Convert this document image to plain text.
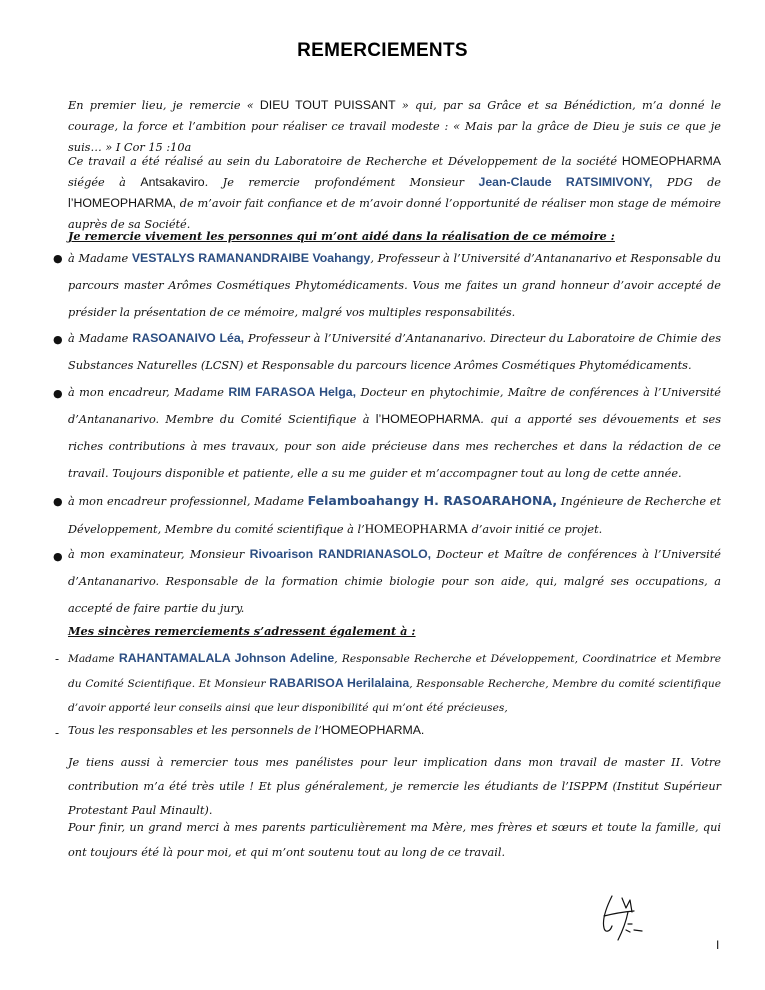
REMERCIEMENTS
En premier lieu, je remercie « DIEU TOUT PUISSANT » qui, par sa Grâce et sa Bénédiction, m’a donné le courage, la force et l’ambition pour réaliser ce travail modeste : « Mais par la grâce de Dieu je suis ce que je suis… » I Cor 15 :10a
Ce travail a été réalisé au sein du Laboratoire de Recherche et Développement de la société HOMEOPHARMA siégée à Antsakaviro. Je remercie profondément Monsieur Jean-Claude RATSIMIVONY, PDG de l’HOMEOPHARMA, de m’avoir fait confiance et de m’avoir donné l’opportunité de réaliser mon stage de mémoire auprès de sa Société.
Je remercie vivement les personnes qui m’ont aidé dans la réalisation de ce mémoire :
● à Madame VESTALYS RAMANANDRAIBE Voahangy, Professeur à l’Université d’Antananarivo et Responsable du parcours master Arômes Cosmétiques Phytomédicaments. Vous me faites un grand honneur d’avoir accepté de présider la présentation de ce mémoire, malgré vos multiples responsabilités.
● à Madame RASOANAIVO Léa, Professeur à l’Université d’Antananarivo. Directeur du Laboratoire de Chimie des Substances Naturelles (LCSN) et Responsable du parcours licence Arômes Cosmétiques Phytomédicaments.
● à mon encadreur, Madame RIM FARASOA Helga, Docteur en phytochimie, Maître de conférences à l’Université d’Antananarivo. Membre du Comité Scientifique à l’HOMEOPHARMA. qui a apporté ses dévouements et ses riches contributions à mes travaux, pour son aide précieuse dans mes recherches et dans la rédaction de ce travail. Toujours disponible et patiente, elle a su me guider et m’accompagner tout au long de cette année.
● à mon encadreur professionnel, Madame Felamboahangy H. RASOARAHONA, Ingénieure de Recherche et Développement, Membre du comité scientifique à l’HOMEOPHARMA d’avoir initié ce projet.
● à mon examinateur, Monsieur Rivoarison RANDRIANASOLO, Docteur et Maître de conférences à l’Université d’Antananarivo. Responsable de la formation chimie biologie pour son aide, qui, malgré ses occupations, a accepté de faire partie du jury.
Mes sincères remerciements s’adressent également à :
- Madame RAHANTAMALALA Johnson Adeline, Responsable Recherche et Développement, Coordinatrice et Membre du Comité Scientifique. Et Monsieur RABARISOA Herilalaina, Responsable Recherche, Membre du comité scientifique d’avoir apporté leur conseils ainsi que leur disponibilité qui m’ont été précieuses,
- Tous les responsables et les personnels de l’HOMEOPHARMA.
Je tiens aussi à remercier tous mes panélistes pour leur implication dans mon travail de master II. Votre contribution m’a été très utile ! Et plus généralement, je remercie les étudiants de l’ISPPM (Institut Supérieur Protestant Paul Minault).
Pour finir, un grand merci à mes parents particulièrement ma Mère, mes frères et sœurs et toute la famille, qui ont toujours été là pour moi, et qui m’ont soutenu tout au long de ce travail.
I
